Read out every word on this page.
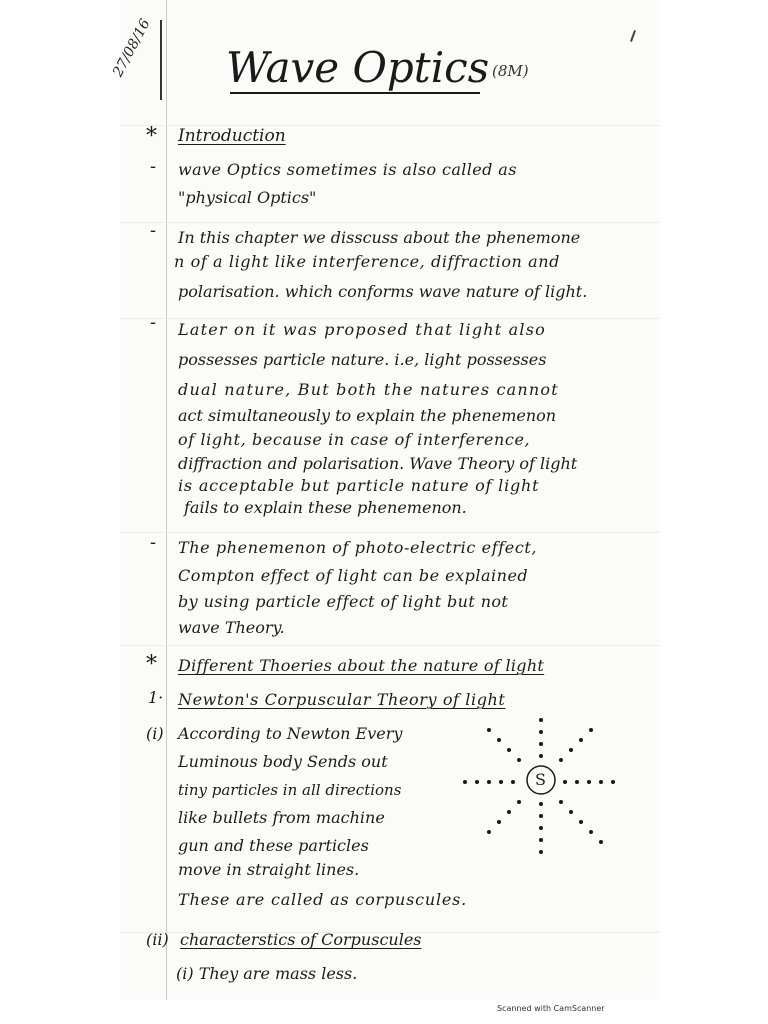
27/08/16 Wave Optics (8M)
* Introduction
- wave Optics sometimes is also called as
"physical Optics"
- In this chapter we disscuss about the phenemone
n of a light like interference, diffraction and
polarisation. which conforms wave nature of light.
- Later on it was proposed that light also
possesses particle nature. i.e, light possesses
dual nature, But both the natures cannot
act simultaneously to explain the phenemenon
of light, because in case of interference,
diffraction and polarisation. Wave Theory of light
is acceptable but particle nature of light
fails to explain these phenemenon.
- The phenemenon of photo-electric effect,
Compton effect of light can be explained
by using particle effect of light but not
wave Theory.
* Different Thoeries about the nature of light
1· Newton's Corpuscular Theory of light
(i) According to Newton Every
Luminous body Sends out
tiny particles in all directions
like bullets from machine
gun and these particles
move in straight lines.
These are called as corpuscules.
(ii) characterstics of Corpuscules
(i) They are mass less.
S
Scanned with CamScanner
